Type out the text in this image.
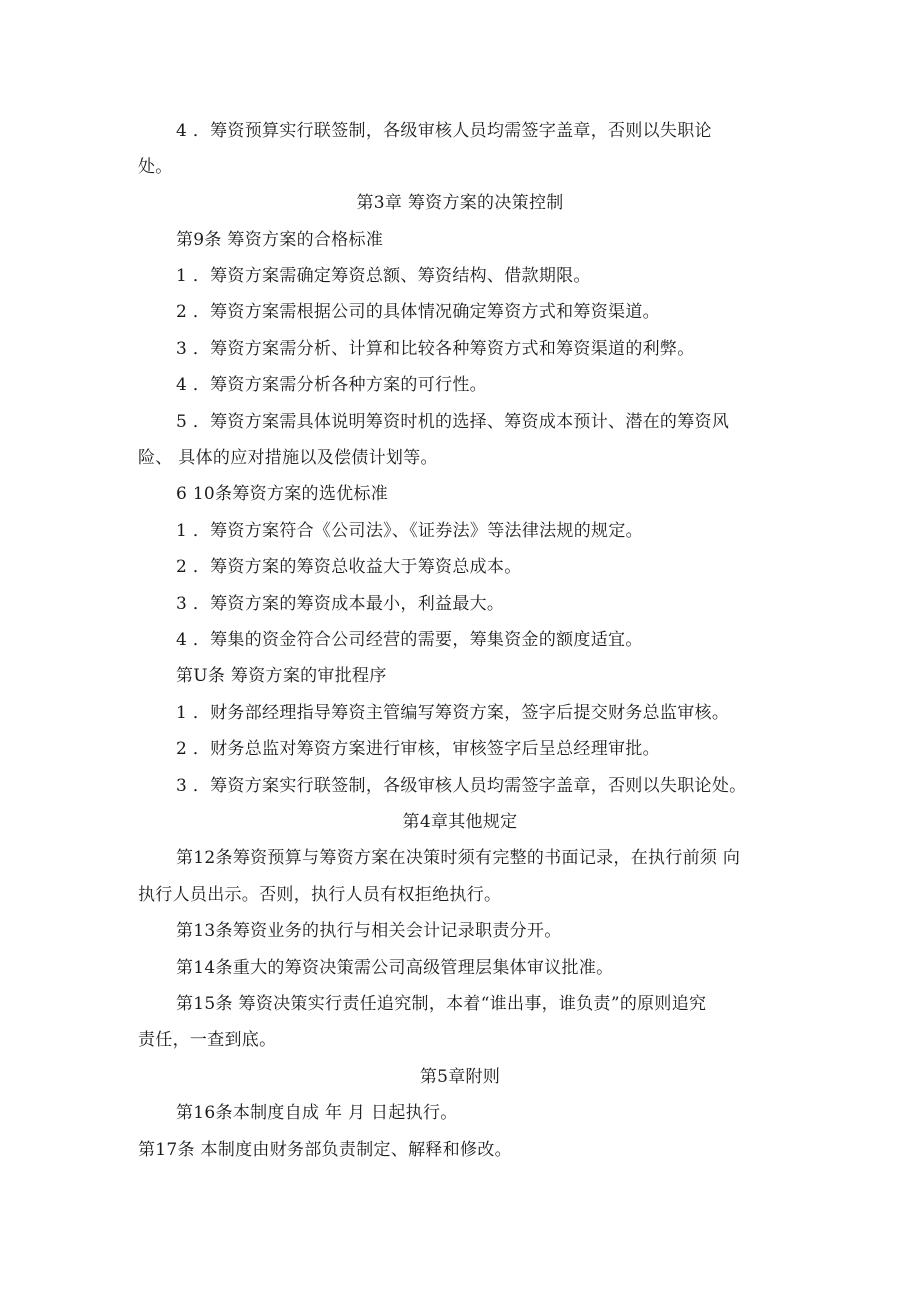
4 ．筹资预算实行联签制，各级审核人员均需签字盖章，否则以失职论
处。
第3章 筹资方案的决策控制
第9条 筹资方案的合格标准
1 ．筹资方案需确定筹资总额、筹资结构、借款期限。
2 ．筹资方案需根据公司的具体情况确定筹资方式和筹资渠道。
3 ．筹资方案需分析、计算和比较各种筹资方式和筹资渠道的利弊。
4 ．筹资方案需分析各种方案的可行性。
5 ．筹资方案需具体说明筹资时机的选择、筹资成本预计、潜在的筹资风
险、 具体的应对措施以及偿债计划等。
6 10条筹资方案的选优标准
1 ．筹资方案符合《公司法》、《证券法》等法律法规的规定。
2 ．筹资方案的筹资总收益大于筹资总成本。
3 ．筹资方案的筹资成本最小，利益最大。
4 ．筹集的资金符合公司经营的需要，筹集资金的额度适宜。
第U条 筹资方案的审批程序
1 ．财务部经理指导筹资主管编写筹资方案，签字后提交财务总监审核。
2 ．财务总监对筹资方案进行审核，审核签字后呈总经理审批。
3 ．筹资方案实行联签制，各级审核人员均需签字盖章，否则以失职论处。
第4章其他规定
第12条筹资预算与筹资方案在决策时须有完整的书面记录，在执行前须 向
执行人员出示。否则，执行人员有权拒绝执行。
第13条筹资业务的执行与相关会计记录职责分开。
第14条重大的筹资决策需公司高级管理层集体审议批准。
第15条 筹资决策实行责任追究制，本着“谁出事，谁负责”的原则追究
责任，一查到底。
第5章附则
第16条本制度自成 年 月 日起执行。
第17条 本制度由财务部负责制定、解释和修改。
